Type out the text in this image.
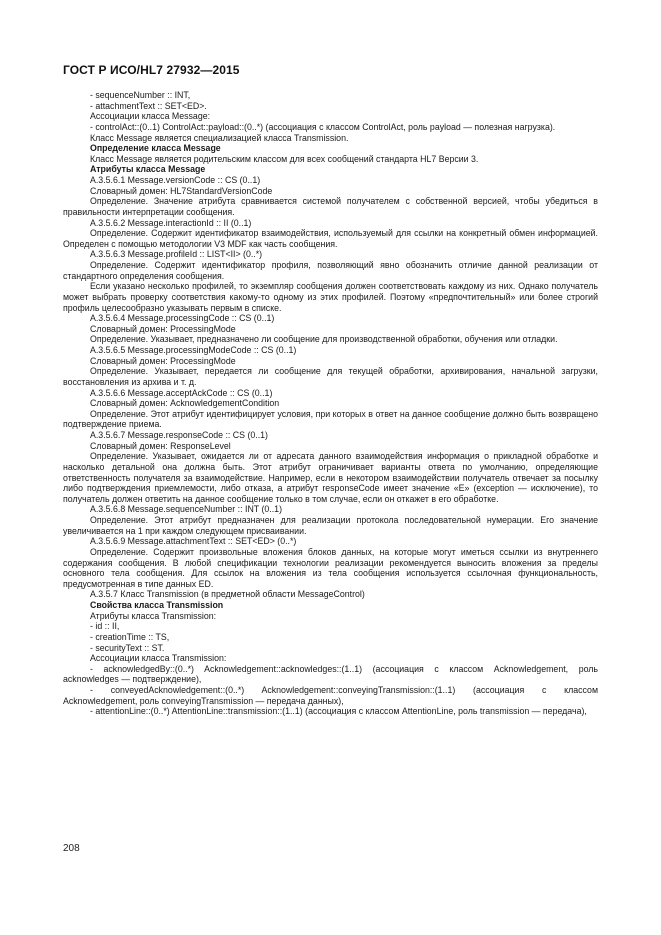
ГОСТ Р ИСО/HL7 27932—2015

- sequenceNumber :: INT,

- attachmentText :: SET<ED>.

Ассоциации класса Message:

- controlAct::(0..1) ControlAct::payload::(0..*) (ассоциация с классом ControlAct, роль payload — полезная нагрузка).

Класс Message является специализацией класса Transmission.

Определение класса Message

Класс Message является родительским классом для всех сообщений стандарта HL7 Версии 3.

Атрибуты класса Message

A.3.5.6.1 Message.versionCode :: CS (0..1)

Словарный домен: HL7StandardVersionCode

Определение. Значение атрибута сравнивается системой получателем с собственной версией, чтобы убедиться в правильности интерпретации сообщения.

A.3.5.6.2 Message.interactionId :: II (0..1)

Определение. Содержит идентификатор взаимодействия, используемый для ссылки на конкретный обмен информацией. Определен с помощью методологии V3 MDF как часть сообщения.

A.3.5.6.3 Message.profileId :: LIST<II> (0..*)

Определение. Содержит идентификатор профиля, позволяющий явно обозначить отличие данной реализации от стандартного определения сообщения.

Если указано несколько профилей, то экземпляр сообщения должен соответствовать каждому из них. Однако получатель может выбрать проверку соответствия какому-то одному из этих профилей. Поэтому «предпочтительный» или более строгий профиль целесообразно указывать первым в списке.

A.3.5.6.4 Message.processingCode :: CS (0..1)

Словарный домен: ProcessingMode

Определение. Указывает, предназначено ли сообщение для производственной обработки, обучения или отладки.

A.3.5.6.5 Message.processingModeCode :: CS (0..1)

Словарный домен: ProcessingMode

Определение. Указывает, передается ли сообщение для текущей обработки, архивирования, начальной загрузки, восстановления из архива и т. д.

A.3.5.6.6 Message.acceptAckCode :: CS (0..1)

Словарный домен: AcknowledgementCondition

Определение. Этот атрибут идентифицирует условия, при которых в ответ на данное сообщение должно быть возвращено подтверждение приема.

A.3.5.6.7 Message.responseCode :: CS (0..1)

Словарный домен: ResponseLevel

Определение. Указывает, ожидается ли от адресата данного взаимодействия информация о прикладной обработке и насколько детальной она должна быть. Этот атрибут ограничивает варианты ответа по умолчанию, определяющие ответственность получателя за взаимодействие. Например, если в некотором взаимодействии получатель отвечает за посылку либо подтверждения приемлемости, либо отказа, а атрибут responseCode имеет значение «E» (exception — исключение), то получатель должен ответить на данное сообщение только в том случае, если он откажет в его обработке.

A.3.5.6.8 Message.sequenceNumber :: INT (0..1)

Определение. Этот атрибут предназначен для реализации протокола последовательной нумерации. Его значение увеличивается на 1 при каждом следующем присваивании.

A.3.5.6.9 Message.attachmentText :: SET<ED> (0..*)

Определение. Содержит произвольные вложения блоков данных, на которые могут иметься ссылки из внутреннего содержания сообщения. В любой спецификации технологии реализации рекомендуется выносить вложения за пределы основного тела сообщения. Для ссылок на вложения из тела сообщения используется ссылочная функциональность, предусмотренная в типе данных ED.

A.3.5.7 Класс Transmission (в предметной области MessageControl)

Свойства класса Transmission

Атрибуты класса Transmission:

- id :: II,

- creationTime :: TS,

- securityText :: ST.

Ассоциации класса Transmission:

- acknowledgedBy::(0..*) Acknowledgement::acknowledges::(1..1) (ассоциация с классом Acknowledgement, роль acknowledges — подтверждение),

- conveyedAcknowledgement::(0..*) Acknowledgement::conveyingTransmission::(1..1) (ассоциация с классом Acknowledgement, роль conveyingTransmission — передача данных),

- attentionLine::(0..*) AttentionLine::transmission::(1..1) (ассоциация с классом AttentionLine, роль transmission — передача),

208
